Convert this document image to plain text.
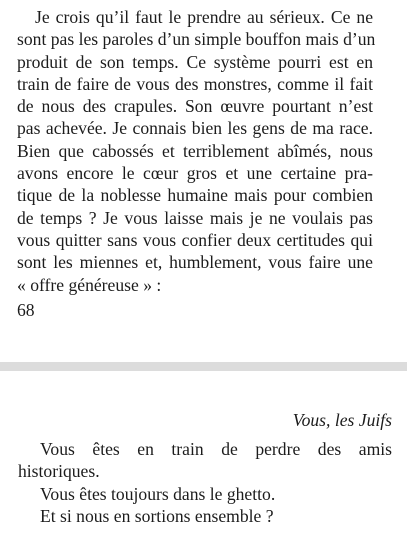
Je crois qu’il faut le prendre au sérieux. Ce ne
sont pas les paroles d’un simple bouffon mais d’un
produit de son temps. Ce système pourri est en
train de faire de vous des monstres, comme il fait
de nous des crapules. Son œuvre pourtant n’est
pas achevée. Je connais bien les gens de ma race.
Bien que cabossés et terriblement abîmés, nous
avons encore le cœur gros et une certaine pra-
tique de la noblesse humaine mais pour combien
de temps ? Je vous laisse mais je ne voulais pas
vous quitter sans vous confier deux certitudes qui
sont les miennes et, humblement, vous faire une
« offre généreuse » :
68
Vous, les Juifs
Vous êtes en train de perdre des amis
historiques.
Vous êtes toujours dans le ghetto.
Et si nous en sortions ensemble ?
